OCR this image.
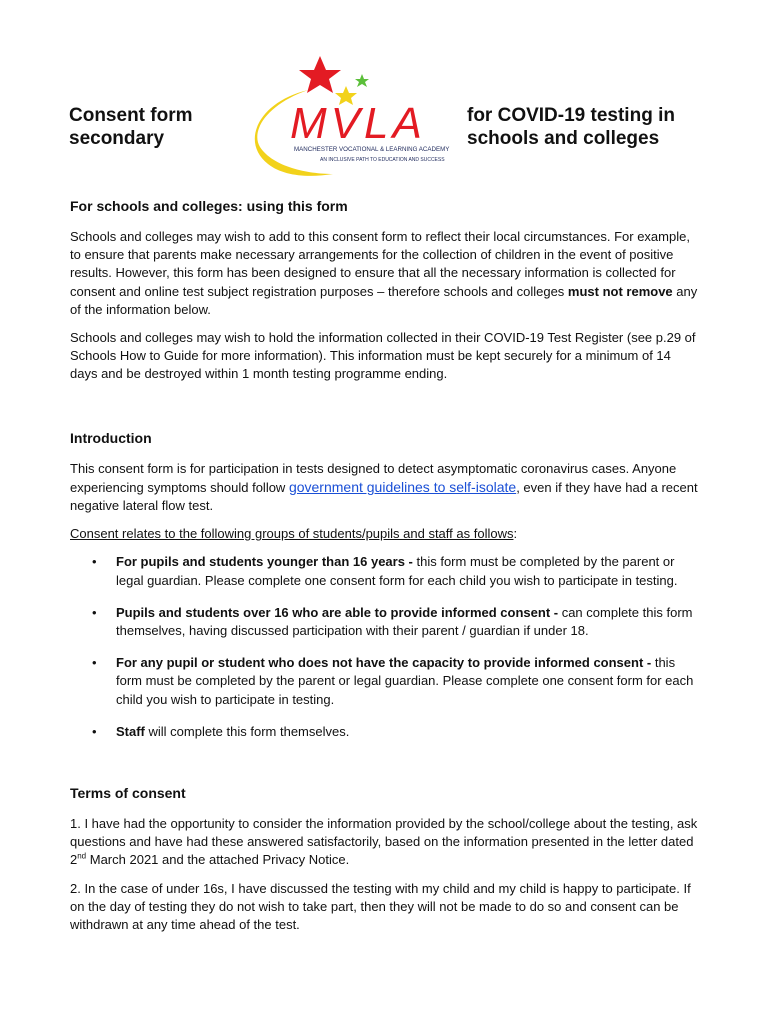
Consent form
secondary	MVLA
MANCHESTER VOCATIONAL & LEARNING ACADEMY
AN INCLUSIVE PATH TO EDUCATION AND SUCCESS
for COVID-19 testing in
schools and colleges
For schools and colleges: using this form

Schools and colleges may wish to add to this consent form to reflect their local circumstances. For example, to ensure that parents make necessary arrangements for the collection of children in the event of positive results. However, this form has been designed to ensure that all the necessary information is collected for consent and online test subject registration purposes – therefore schools and colleges must not remove any of the information below.

Schools and colleges may wish to hold the information collected in their COVID-19 Test Register (see p.29 of Schools How to Guide for more information). This information must be kept securely for a minimum of 14 days and be destroyed within 1 month testing programme ending.

Introduction

This consent form is for participation in tests designed to detect asymptomatic coronavirus cases. Anyone experiencing symptoms should follow government guidelines to self-isolate, even if they have had a recent negative lateral flow test.

Consent relates to the following groups of students/pupils and staff as follows:

• For pupils and students younger than 16 years - this form must be completed by the parent or legal guardian. Please complete one consent form for each child you wish to participate in testing.
• Pupils and students over 16 who are able to provide informed consent - can complete this form themselves, having discussed participation with their parent / guardian if under 18.
• For any pupil or student who does not have the capacity to provide informed consent - this form must be completed by the parent or legal guardian. Please complete one consent form for each child you wish to participate in testing.
• Staff will complete this form themselves.
Terms of consent

1. I have had the opportunity to consider the information provided by the school/college about the testing, ask questions and have had these answered satisfactorily, based on the information presented in the letter dated 2nd March 2021 and the attached Privacy Notice.

2. In the case of under 16s, I have discussed the testing with my child and my child is happy to participate. If on the day of testing they do not wish to take part, then they will not be made to do so and consent can be withdrawn at any time ahead of the test.
